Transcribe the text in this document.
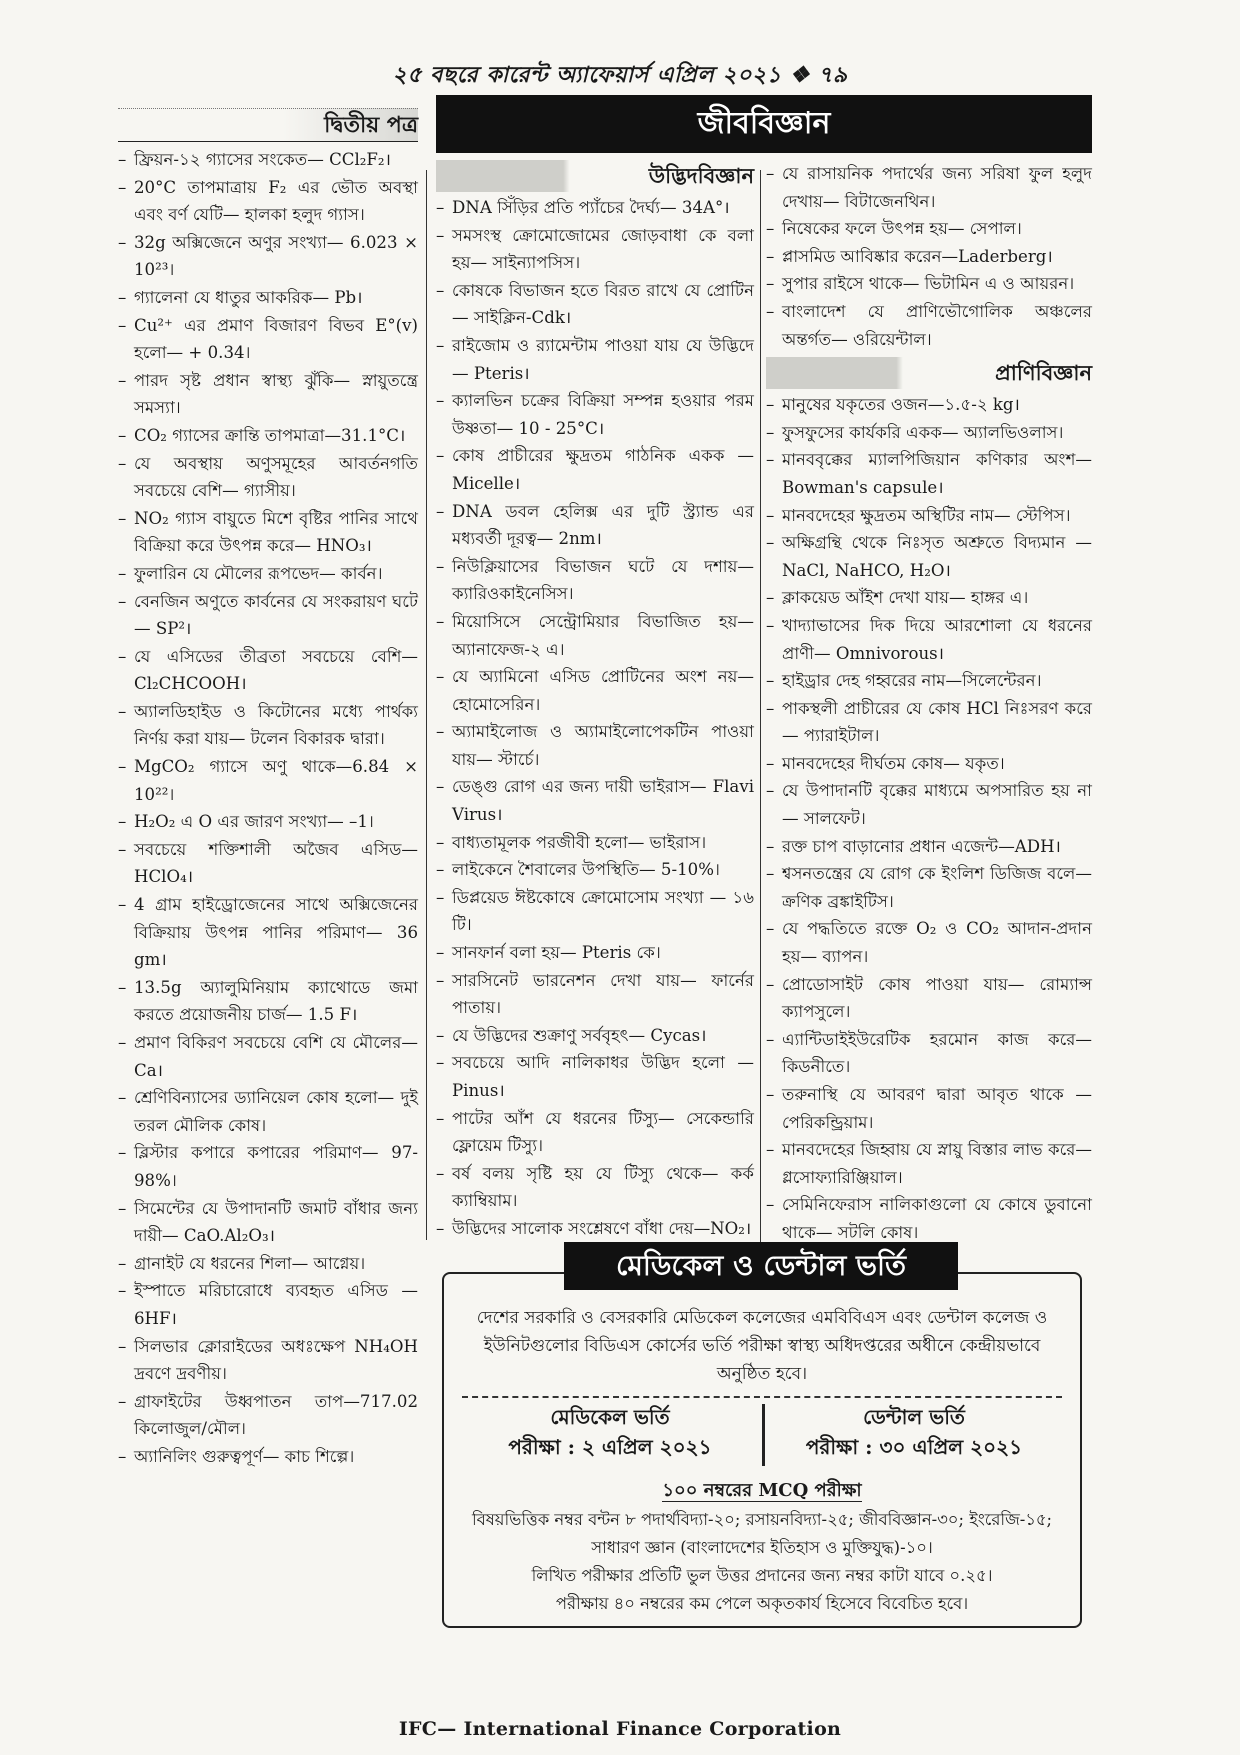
২৫ বছরে কারেন্ট অ্যাফেয়ার্স এপ্রিল ২০২১ ❖ ৭৯
দ্বিতীয় পত্র
– ফ্রিয়ন-১২ গ্যাসের সংকেত— CCl₂F₂।
– 20°C তাপমাত্রায় F₂ এর ভৌত অবস্থা এবং বর্ণ যেটি— হালকা হলুদ গ্যাস।
– 32g অক্সিজেনে অণুর সংখ্যা— 6.023 × 10²³।
– গ্যালেনা যে ধাতুর আকরিক— Pb।
– Cu²⁺ এর প্রমাণ বিজারণ বিভব E°(v) হলো— + 0.34।
– পারদ সৃষ্ট প্রধান স্বাস্থ্য ঝুঁকি— স্নায়ুতন্ত্রে সমস্যা।
– CO₂ গ্যাসের ক্রান্তি তাপমাত্রা—31.1°C।
– যে অবস্থায় অণুসমূহের আবর্তনগতি সবচেয়ে বেশি— গ্যাসীয়।
– NO₂ গ্যাস বায়ুতে মিশে বৃষ্টির পানির সাথে বিক্রিয়া করে উৎপন্ন করে— HNO₃।
– ফুলারিন যে মৌলের রূপভেদ— কার্বন।
– বেনজিন অণুতে কার্বনের যে সংকরায়ণ ঘটে— SP²।
– যে এসিডের তীব্রতা সবচেয়ে বেশি— Cl₂CHCOOH।
– অ্যালডিহাইড ও কিটোনের মধ্যে পার্থক্য নির্ণয় করা যায়— টলেন বিকারক দ্বারা।
– MgCO₂ গ্যাসে অণু থাকে—6.84 × 10²²।
– H₂O₂ এ O এর জারণ সংখ্যা— –1।
– সবচেয়ে শক্তিশালী অজৈব এসিড— HClO₄।
– 4 গ্রাম হাইড্রোজেনের সাথে অক্সিজেনের বিক্রিয়ায় উৎপন্ন পানির পরিমাণ— 36 gm।
– 13.5g অ্যালুমিনিয়াম ক্যাথোডে জমা করতে প্রয়োজনীয় চার্জ— 1.5 F।
– প্রমাণ বিকিরণ সবচেয়ে বেশি যে মৌলের— Ca।
– শ্রেণিবিন্যাসের ড্যানিয়েল কোষ হলো— দুই তরল মৌলিক কোষ।
– ব্লিস্টার কপারে কপারের পরিমাণ— 97-98%।
– সিমেন্টের যে উপাদানটি জমাট বাঁধার জন্য দায়ী— CaO.Al₂O₃।
– গ্রানাইট যে ধরনের শিলা— আগ্নেয়।
– ইস্পাতে মরিচারোধে ব্যবহৃত এসিড — 6HF।
– সিলভার ক্লোরাইডের অধঃক্ষেপ NH₄OH দ্রবণে দ্রবণীয়।
– গ্রাফাইটের উধ্বপাতন তাপ—717.02 কিলোজুল/মৌল।
– অ্যানিলিং গুরুত্বপূর্ণ— কাচ শিল্পে।
জীববিজ্ঞান
উদ্ভিদবিজ্ঞান
– DNA সিঁড়ির প্রতি প্যাঁচের দৈর্ঘ্য— 34A°।
– সমসংস্থ ক্রোমোজোমের জোড়বাধা কে বলা হয়— সাইন্যাপসিস।
– কোষকে বিভাজন হতে বিরত রাখে যে প্রোটিন— সাইক্লিন-Cdk।
– রাইজোম ও র‍্যামেন্টাম পাওয়া যায় যে উদ্ভিদে— Pteris।
– ক্যালভিন চক্রের বিক্রিয়া সম্পন্ন হওয়ার পরম উষ্ণতা— 10 - 25°C।
– কোষ প্রাচীরের ক্ষুদ্রতম গাঠনিক একক — Micelle।
– DNA ডবল হেলিক্স এর দুটি স্ট্র্যান্ড এর মধ্যবর্তী দূরত্ব— 2nm।
– নিউক্লিয়াসের বিভাজন ঘটে যে দশায়— ক্যারিওকাইনেসিস।
– মিয়োসিসে সেন্ট্রোমিয়ার বিভাজিত হয়— অ্যানাফেজ-২ এ।
– যে অ্যামিনো এসিড প্রোটিনের অংশ নয়— হোমোসেরিন।
– অ্যামাইলোজ ও অ্যামাইলোপেকটিন পাওয়া যায়— স্টার্চে।
– ডেঙ্গু রোগ এর জন্য দায়ী ভাইরাস— Flavi Virus।
– বাধ্যতামূলক পরজীবী হলো— ভাইরাস।
– লাইকেনে শৈবালের উপস্থিতি— 5-10%।
– ডিপ্লয়েড ঈষ্টকোষে ক্রোমোসোম সংখ্যা — ১৬ টি।
– সানফার্ন বলা হয়— Pteris কে।
– সারসিনেট ভারনেশন দেখা যায়— ফার্নের পাতায়।
– যে উদ্ভিদের শুক্রাণু সর্ববৃহৎ— Cycas।
– সবচেয়ে আদি নালিকাধর উদ্ভিদ হলো — Pinus।
– পাটের আঁশ যে ধরনের টিস্যু— সেকেন্ডারি ফ্লোয়েম টিস্যু।
– বর্ষ বলয় সৃষ্টি হয় যে টিস্যু থেকে— কর্ক ক্যাম্বিয়াম।
– উদ্ভিদের সালোক সংশ্লেষণে বাঁধা দেয়—NO₂।
– যে রাসায়নিক পদার্থের জন্য সরিষা ফুল হলুদ দেখায়— বিটাজেনথিন।
– নিষেকের ফলে উৎপন্ন হয়— সেপাল।
– প্লাসমিড আবিষ্কার করেন—Laderberg।
– সুপার রাইসে থাকে— ভিটামিন এ ও আয়রন।
– বাংলাদেশ যে প্রাণিভৌগোলিক অঞ্চলের অন্তর্গত— ওরিয়েন্টাল।
প্রাণিবিজ্ঞান
– মানুষের যকৃতের ওজন—১.৫-২ kg।
– ফুসফুসের কার্যকরি একক— অ্যালভিওলাস।
– মানববৃক্কের ম্যালপিজিয়ান কণিকার অংশ— Bowman's capsule।
– মানবদেহের ক্ষুদ্রতম অস্থিটির নাম— স্টেপিস।
– অক্ষিগ্রন্থি থেকে নিঃসৃত অশ্রুতে বিদ্যমান —NaCl, NaHCO, H₂O।
– ক্লাকয়েড আঁইশ দেখা যায়— হাঙ্গর এ।
– খাদ্যাভাসের দিক দিয়ে আরশোলা যে ধরনের প্রাণী— Omnivorous।
– হাইড্রার দেহ গহ্বরের নাম—সিলেন্টেরন।
– পাকস্থলী প্রাচীরের যে কোষ HCl নিঃসরণ করে— প্যারাইটাল।
– মানবদেহের দীর্ঘতম কোষ— যকৃত।
– যে উপাদানটি বৃক্কের মাধ্যমে অপসারিত হয় না— সালফেট।
– রক্ত চাপ বাড়ানোর প্রধান এজেন্ট—ADH।
– শ্বসনতন্ত্রের যে রোগ কে ইংলিশ ডিজিজ বলে— ক্রণিক ব্রঙ্কাইটিস।
– যে পদ্ধতিতে রক্তে O₂ ও CO₂ আদান-প্রদান হয়— ব্যাপন।
– প্রোডোসাইট কোষ পাওয়া যায়— রোম্যান্স ক্যাপসুলে।
– এ্যান্টিডাইইউরেটিক হরমোন কাজ করে— কিডনীতে।
– তরুনাস্থি যে আবরণ দ্বারা আবৃত থাকে — পেরিকন্ড্রিয়াম।
– মানবদেহের জিহ্বায় যে স্নায়ু বিস্তার লাভ করে— গ্লসোফ্যারিঞ্জিয়াল।
– সেমিনিফেরাস নালিকাগুলো যে কোষে ডুবানো থাকে— সটলি কোষ।
মেডিকেল ও ডেন্টাল ভর্তি
দেশের সরকারি ও বেসরকারি মেডিকেল কলেজের এমবিবিএস এবং ডেন্টাল কলেজ ও ইউনিটগুলোর বিডিএস কোর্সের ভর্তি পরীক্ষা স্বাস্থ্য অধিদপ্তরের অধীনে কেন্দ্রীয়ভাবে অনুষ্ঠিত হবে।
মেডিকেল ভর্তি
পরীক্ষা : ২ এপ্রিল ২০২১
ডেন্টাল ভর্তি
পরীক্ষা : ৩০ এপ্রিল ২০২১
১০০ নম্বরের MCQ পরীক্ষা
বিষয়ভিত্তিক নম্বর বন্টন ৮ পদার্থবিদ্যা-২০; রসায়নবিদ্যা-২৫; জীববিজ্ঞান-৩০; ইংরেজি-১৫; সাধারণ জ্ঞান (বাংলাদেশের ইতিহাস ও মুক্তিযুদ্ধ)-১০।
লিখিত পরীক্ষার প্রতিটি ভুল উত্তর প্রদানের জন্য নম্বর কাটা যাবে ০.২৫।
পরীক্ষায় ৪০ নম্বরের কম পেলে অকৃতকার্য হিসেবে বিবেচিত হবে।
IFC— International Finance Corporation
